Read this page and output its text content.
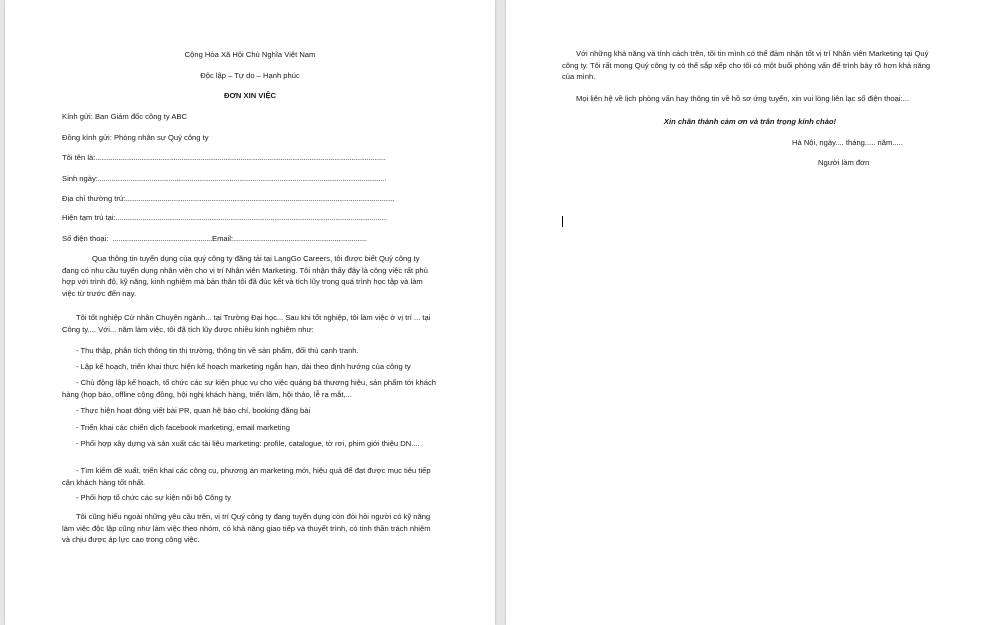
Cộng Hòa Xã Hội Chủ Nghĩa Việt Nam
Độc lập – Tự do – Hạnh phúc
ĐƠN XIN VIỆC
Kính gửi: Ban Giám đốc công ty ABC
Đồng kính gửi: Phòng nhân sự Quý công ty
Tôi tên là:........................................................................................................................................................
Sinh ngày:.......................................................................................................................................................
Địa chỉ thường trú:.............................................................................................................................................
Hiện tạm trú tại:..............................................................................................................................................
Số điện thoại: ....................................................Email:......................................................................
Qua thông tin tuyển dụng của quý công ty đăng tải tại LangGo Careers, tôi được biết Quý công ty đang có nhu cầu tuyển dụng nhân viên cho vị trí Nhân viên Marketing. Tôi nhận thấy đây là công việc rất phù hợp với trình độ, kỹ năng, kinh nghiệm mà bản thân tôi đã đúc kết và tích lũy trong quá trình học tập và làm việc từ trước đến nay.
Tôi tốt nghiệp Cử nhân Chuyên ngành... tại Trường Đại học... Sau khi tốt nghiệp, tôi làm việc ở vị trí ... tại Công ty.... Với... năm làm việc, tôi đã tích lũy được nhiều kinh nghiệm như:
- Thu thập, phân tích thông tin thị trường, thông tin về sản phẩm, đối thủ cạnh tranh.
- Lập kế hoạch, triển khai thực hiện kế hoạch marketing ngắn hạn, dài theo định hướng của công ty
- Chủ động lập kế hoạch, tổ chức các sự kiện phục vụ cho việc quảng bá thương hiệu, sản phẩm tới khách hàng (họp báo, offline cộng đồng, hội nghị khách hàng, triển lãm, hội thảo, lễ ra mắt,...
- Thực hiện hoạt động viết bài PR, quan hệ báo chí, booking đăng bài
- Triển khai các chiến dịch facebook marketing, email marketing
- Phối hợp xây dựng và sản xuất các tài liệu marketing: profile, catalogue, tờ rơi, phim giới thiệu DN....
- Tìm kiếm đề xuất, triển khai các công cụ, phương án marketing mới, hiệu quả để đạt được mục tiêu tiếp cận khách hàng tốt nhất.
- Phối hợp tổ chức các sự kiện nội bộ Công ty
Tôi cũng hiểu ngoài những yêu cầu trên, vị trí Quý công ty đang tuyển dụng còn đòi hỏi người có kỹ năng làm việc độc lập cũng như làm việc theo nhóm, có khả năng giao tiếp và thuyết trình, có tinh thần trách nhiệm và chịu được áp lực cao trong công việc.
Với những khả năng và tính cách trên, tôi tin mình có thể đảm nhận tốt vị trí Nhân viên Marketing tại Quý công ty. Tôi rất mong Quý công ty có thể sắp xếp cho tôi có một buổi phỏng vấn để trình bày rõ hơn khả năng của mình.
Mọi liên hệ về lịch phỏng vấn hay thông tin về hồ sơ ứng tuyển, xin vui lòng liên lạc số điện thoại:...
Xin chân thành cảm ơn và trân trọng kính chào!
Hà Nội, ngày.... tháng..... năm.....
Người làm đơn
